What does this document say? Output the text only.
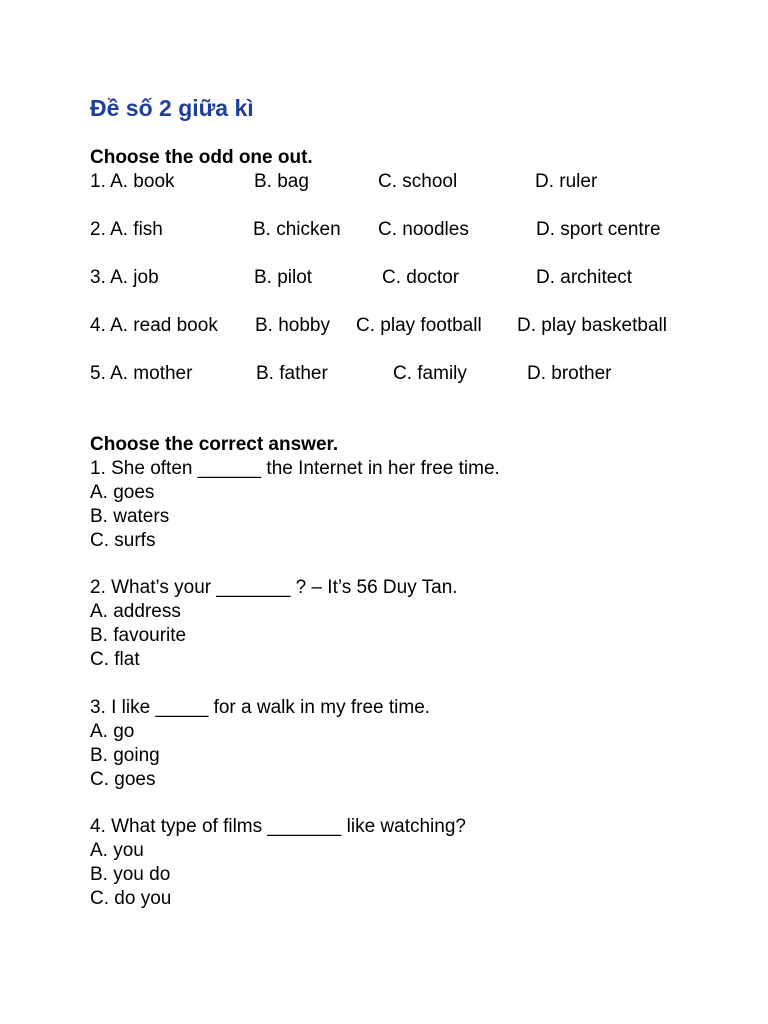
Đề số 2 giữa kì
Choose the odd one out.
1. A. book	B. bag	C. school	D. ruler
2. A. fish	B. chicken C. noodles	D. sport centre
3. A. job	B. pilot	C. doctor	D. architect
4. A. read book B. hobby C. play football D. play basketball
5. A. mother	B. father	C. family	D. brother
Choose the correct answer.
1. She often ______ the Internet in her free time.
A. goes
B. waters
C. surfs
2. What’s your _______ ? – It’s 56 Duy Tan.
A. address
B. favourite
C. flat
3. I like _____ for a walk in my free time.
A. go
B. going
C. goes
4. What type of films _______ like watching?
A. you
B. you do
C. do you
